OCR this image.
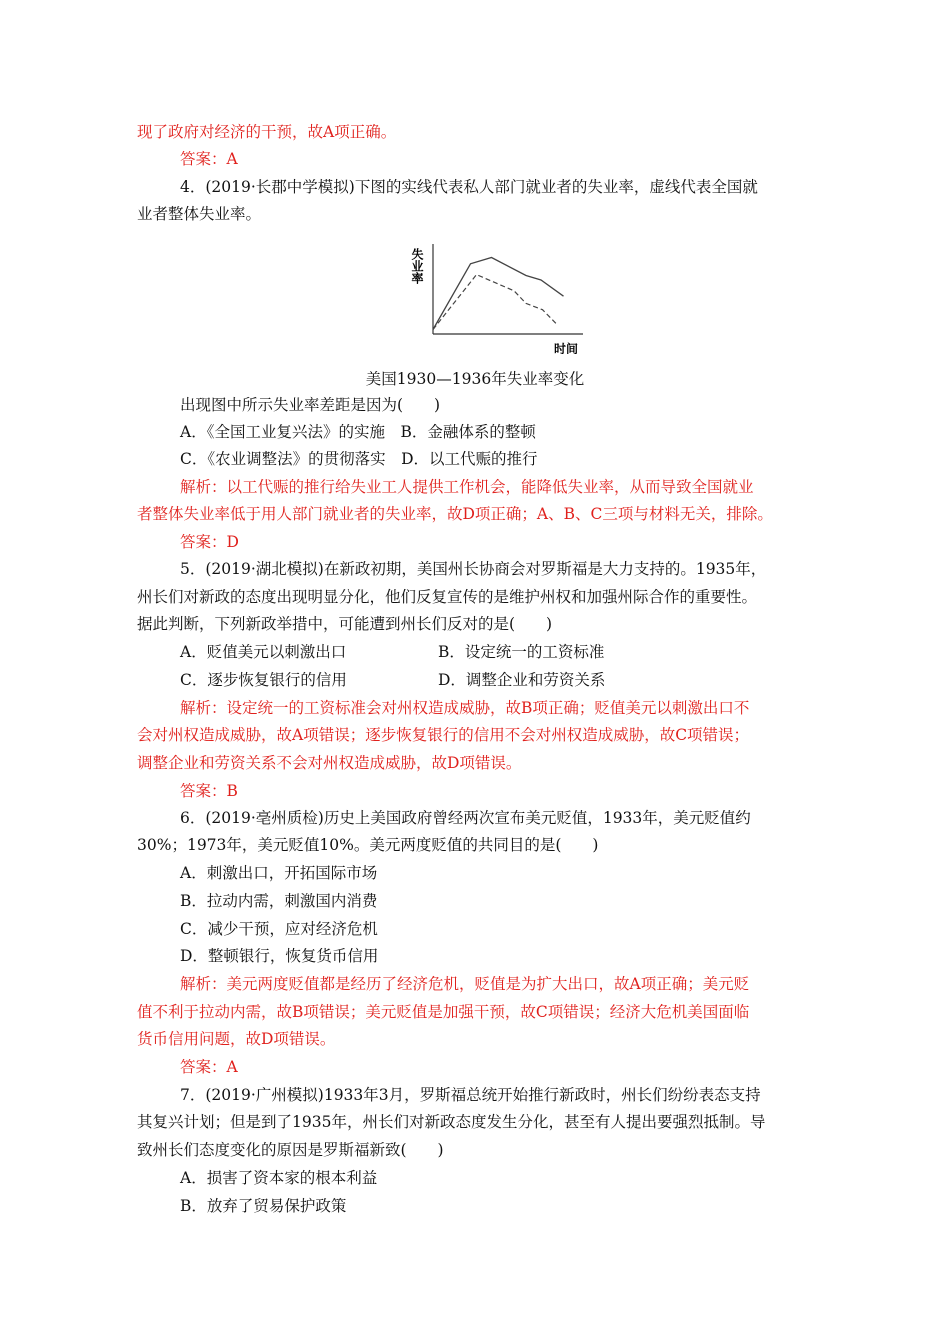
现了政府对经济的干预，故A项正确。
答案：A
4．(2019·长郡中学模拟)下图的实线代表私人部门就业者的失业率，虚线代表全国就
业者整体失业率。
失业率
时间
美国1930—1936年失业率变化
出现图中所示失业率差距是因为(　　)
A．《全国工业复兴法》的实施　B．金融体系的整顿
C．《农业调整法》的贯彻落实　D．以工代赈的推行
解析：以工代赈的推行给失业工人提供工作机会，能降低失业率，从而导致全国就业
者整体失业率低于用人部门就业者的失业率，故D项正确；A、B、C三项与材料无关，排除。
答案：D
5．(2019·湖北模拟)在新政初期，美国州长协商会对罗斯福是大力支持的。1935年，
州长们对新政的态度出现明显分化，他们反复宣传的是维护州权和加强州际合作的重要性。
据此判断，下列新政举措中，可能遭到州长们反对的是(　　)
A．贬值美元以刺激出口	B．设定统一的工资标准
C．逐步恢复银行的信用	D．调整企业和劳资关系
解析：设定统一的工资标准会对州权造成威胁，故B项正确；贬值美元以刺激出口不
会对州权造成威胁，故A项错误；逐步恢复银行的信用不会对州权造成威胁，故C项错误；
调整企业和劳资关系不会对州权造成威胁，故D项错误。
答案：B
6．(2019·亳州质检)历史上美国政府曾经两次宣布美元贬值，1933年，美元贬值约
30%；1973年，美元贬值10%。美元两度贬值的共同目的是(　　)
A．刺激出口，开拓国际市场
B．拉动内需，刺激国内消费
C．减少干预，应对经济危机
D．整顿银行，恢复货币信用
解析：美元两度贬值都是经历了经济危机，贬值是为扩大出口，故A项正确；美元贬
值不利于拉动内需，故B项错误；美元贬值是加强干预，故C项错误；经济大危机美国面临
货币信用问题，故D项错误。
答案：A
7．(2019·广州模拟)1933年3月，罗斯福总统开始推行新政时，州长们纷纷表态支持
其复兴计划；但是到了1935年，州长们对新政态度发生分化，甚至有人提出要强烈抵制。导
致州长们态度变化的原因是罗斯福新致(　　)
A．损害了资本家的根本利益
B．放弃了贸易保护政策
